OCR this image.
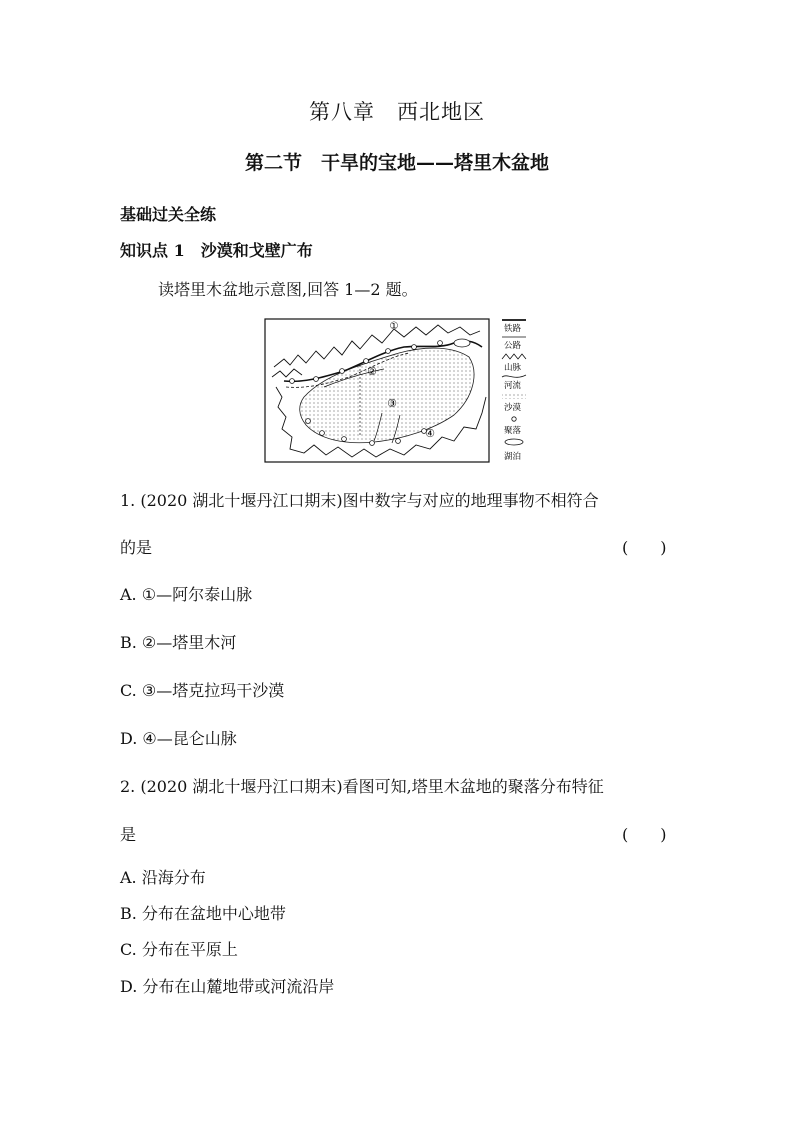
第八章　西北地区
第二节　干旱的宝地——塔里木盆地
基础过关全练
知识点 1　沙漠和戈壁广布
读塔里木盆地示意图,回答 1—2 题。
①
②
③
④
铁路
公路
山脉
河流
沙漠
聚落
湖泊
1. (2020 湖北十堰丹江口期末)图中数字与对应的地理事物不相符合
的是	(　　)
A. ①—阿尔泰山脉
B. ②—塔里木河
C. ③—塔克拉玛干沙漠
D. ④—昆仑山脉
2. (2020 湖北十堰丹江口期末)看图可知,塔里木盆地的聚落分布特征
是	(　　)
A. 沿海分布
B. 分布在盆地中心地带
C. 分布在平原上
D. 分布在山麓地带或河流沿岸
